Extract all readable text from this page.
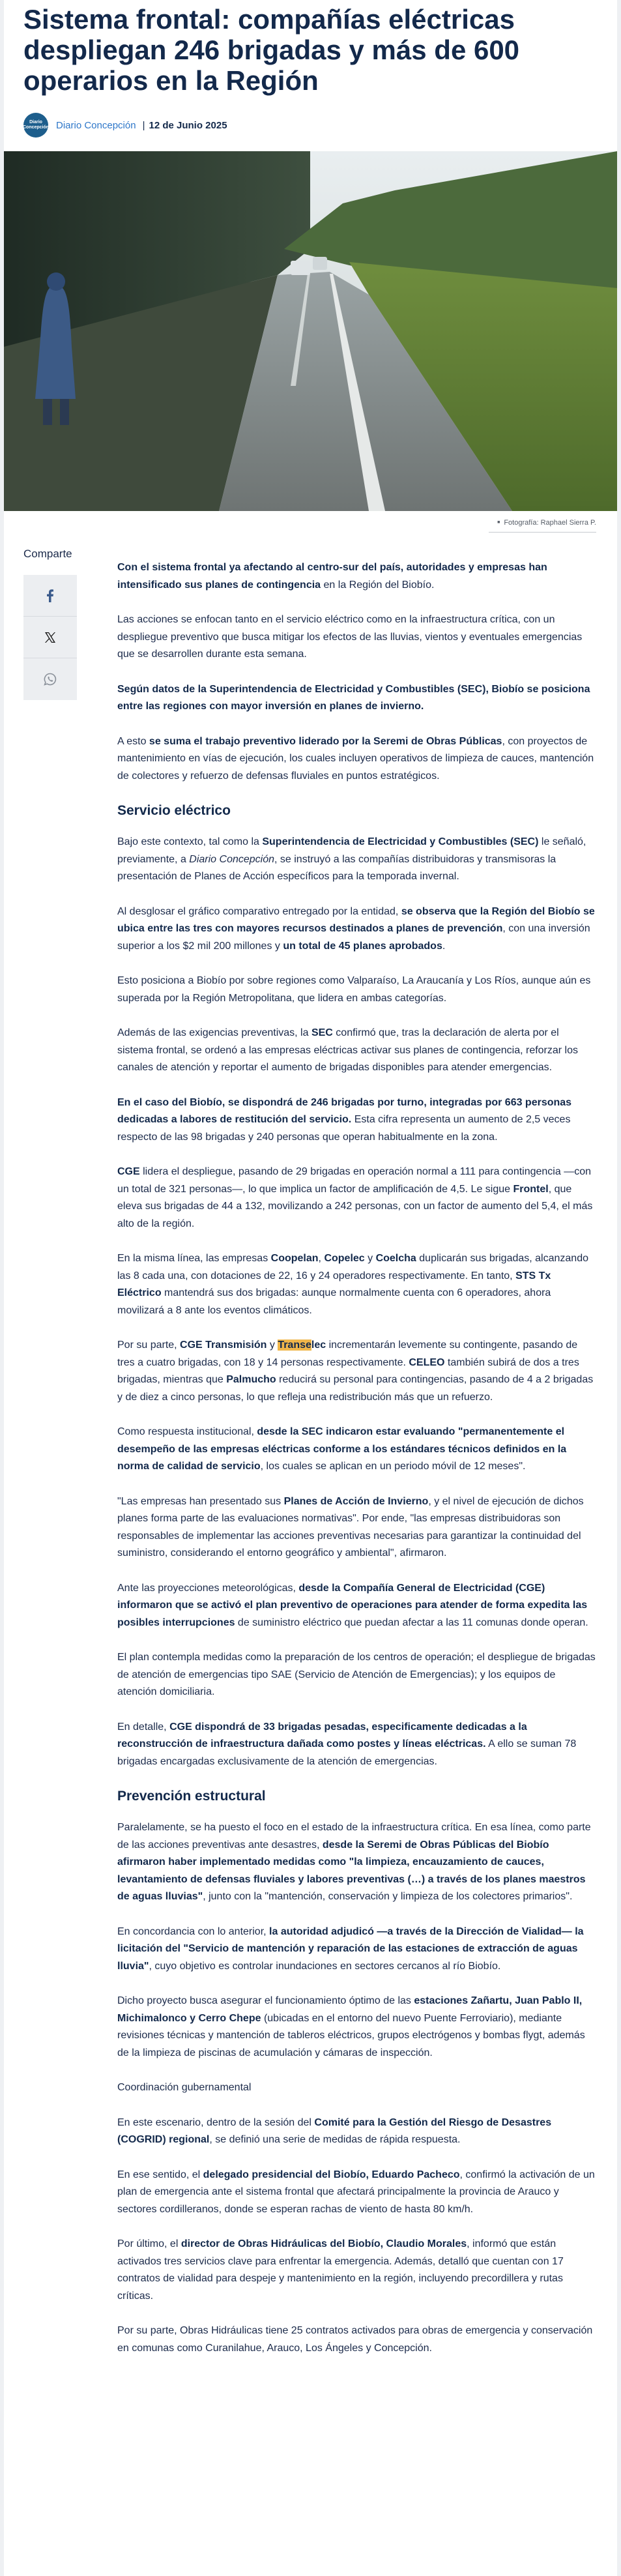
Sistema frontal: compañías eléctricas despliegan 246 brigadas y más de 600 operarios en la Región
Diario Concepción Diario Concepción | 12 de Junio 2025
■ Fotografía: Raphael Sierra P.
Comparte

Con el sistema frontal ya afectando al centro-sur del país, autoridades y empresas han intensificado sus planes de contingencia en la Región del Biobío.

Las acciones se enfocan tanto en el servicio eléctrico como en la infraestructura crítica, con un despliegue preventivo que busca mitigar los efectos de las lluvias, vientos y eventuales emergencias que se desarrollen durante esta semana.

Según datos de la Superintendencia de Electricidad y Combustibles (SEC), Biobío se posiciona entre las regiones con mayor inversión en planes de invierno.

A esto se suma el trabajo preventivo liderado por la Seremi de Obras Públicas, con proyectos de mantenimiento en vías de ejecución, los cuales incluyen operativos de limpieza de cauces, mantención de colectores y refuerzo de defensas fluviales en puntos estratégicos.

Servicio eléctrico

Bajo este contexto, tal como la Superintendencia de Electricidad y Combustibles (SEC) le señaló, previamente, a Diario Concepción, se instruyó a las compañías distribuidoras y transmisoras la presentación de Planes de Acción específicos para la temporada invernal.

Al desglosar el gráfico comparativo entregado por la entidad, se observa que la Región del Biobío se ubica entre las tres con mayores recursos destinados a planes de prevención, con una inversión superior a los $2 mil 200 millones y un total de 45 planes aprobados.

Esto posiciona a Biobío por sobre regiones como Valparaíso, La Araucanía y Los Ríos, aunque aún es superada por la Región Metropolitana, que lidera en ambas categorías.

Además de las exigencias preventivas, la SEC confirmó que, tras la declaración de alerta por el sistema frontal, se ordenó a las empresas eléctricas activar sus planes de contingencia, reforzar los canales de atención y reportar el aumento de brigadas disponibles para atender emergencias.

En el caso del Biobío, se dispondrá de 246 brigadas por turno, integradas por 663 personas dedicadas a labores de restitución del servicio. Esta cifra representa un aumento de 2,5 veces respecto de las 98 brigadas y 240 personas que operan habitualmente en la zona.

CGE lidera el despliegue, pasando de 29 brigadas en operación normal a 111 para contingencia —con un total de 321 personas—, lo que implica un factor de amplificación de 4,5. Le sigue Frontel, que eleva sus brigadas de 44 a 132, movilizando a 242 personas, con un factor de aumento del 5,4, el más alto de la región.

En la misma línea, las empresas Coopelan, Copelec y Coelcha duplicarán sus brigadas, alcanzando las 8 cada una, con dotaciones de 22, 16 y 24 operadores respectivamente. En tanto, STS Tx Eléctrico mantendrá sus dos brigadas: aunque normalmente cuenta con 6 operadores, ahora movilizará a 8 ante los eventos climáticos.

Por su parte, CGE Transmisión y Transelec incrementarán levemente su contingente, pasando de tres a cuatro brigadas, con 18 y 14 personas respectivamente. CELEO también subirá de dos a tres brigadas, mientras que Palmucho reducirá su personal para contingencias, pasando de 4 a 2 brigadas y de diez a cinco personas, lo que refleja una redistribución más que un refuerzo.

Como respuesta institucional, desde la SEC indicaron estar evaluando "permanentemente el desempeño de las empresas eléctricas conforme a los estándares técnicos definidos en la norma de calidad de servicio, los cuales se aplican en un periodo móvil de 12 meses".

"Las empresas han presentado sus Planes de Acción de Invierno, y el nivel de ejecución de dichos planes forma parte de las evaluaciones normativas". Por ende, "las empresas distribuidoras son responsables de implementar las acciones preventivas necesarias para garantizar la continuidad del suministro, considerando el entorno geográfico y ambiental", afirmaron.

Ante las proyecciones meteorológicas, desde la Compañía General de Electricidad (CGE) informaron que se activó el plan preventivo de operaciones para atender de forma expedita las posibles interrupciones de suministro eléctrico que puedan afectar a las 11 comunas donde operan.

El plan contempla medidas como la preparación de los centros de operación; el despliegue de brigadas de atención de emergencias tipo SAE (Servicio de Atención de Emergencias); y los equipos de atención domiciliaria.

En detalle, CGE dispondrá de 33 brigadas pesadas, especificamente dedicadas a la reconstrucción de infraestructura dañada como postes y líneas eléctricas. A ello se suman 78 brigadas encargadas exclusivamente de la atención de emergencias.

Prevención estructural

Paralelamente, se ha puesto el foco en el estado de la infraestructura crítica. En esa línea, como parte de las acciones preventivas ante desastres, desde la Seremi de Obras Públicas del Biobío afirmaron haber implementado medidas como "la limpieza, encauzamiento de cauces, levantamiento de defensas fluviales y labores preventivas (…) a través de los planes maestros de aguas lluvias", junto con la "mantención, conservación y limpieza de los colectores primarios".

En concordancia con lo anterior, la autoridad adjudicó —a través de la Dirección de Vialidad— la licitación del "Servicio de mantención y reparación de las estaciones de extracción de aguas lluvia", cuyo objetivo es controlar inundaciones en sectores cercanos al río Biobío.

Dicho proyecto busca asegurar el funcionamiento óptimo de las estaciones Zañartu, Juan Pablo II, Michimalonco y Cerro Chepe (ubicadas en el entorno del nuevo Puente Ferroviario), mediante revisiones técnicas y mantención de tableros eléctricos, grupos electrógenos y bombas flygt, además de la limpieza de piscinas de acumulación y cámaras de inspección.

Coordinación gubernamental

En este escenario, dentro de la sesión del Comité para la Gestión del Riesgo de Desastres (COGRID) regional, se definió una serie de medidas de rápida respuesta.

En ese sentido, el delegado presidencial del Biobío, Eduardo Pacheco, confirmó la activación de un plan de emergencia ante el sistema frontal que afectará principalmente la provincia de Arauco y sectores cordilleranos, donde se esperan rachas de viento de hasta 80 km/h.

Por último, el director de Obras Hidráulicas del Biobío, Claudio Morales, informó que están activados tres servicios clave para enfrentar la emergencia. Además, detalló que cuentan con 17 contratos de vialidad para despeje y mantenimiento en la región, incluyendo precordillera y rutas críticas.

Por su parte, Obras Hidráulicas tiene 25 contratos activados para obras de emergencia y conservación en comunas como Curanilahue, Arauco, Los Ángeles y Concepción.
